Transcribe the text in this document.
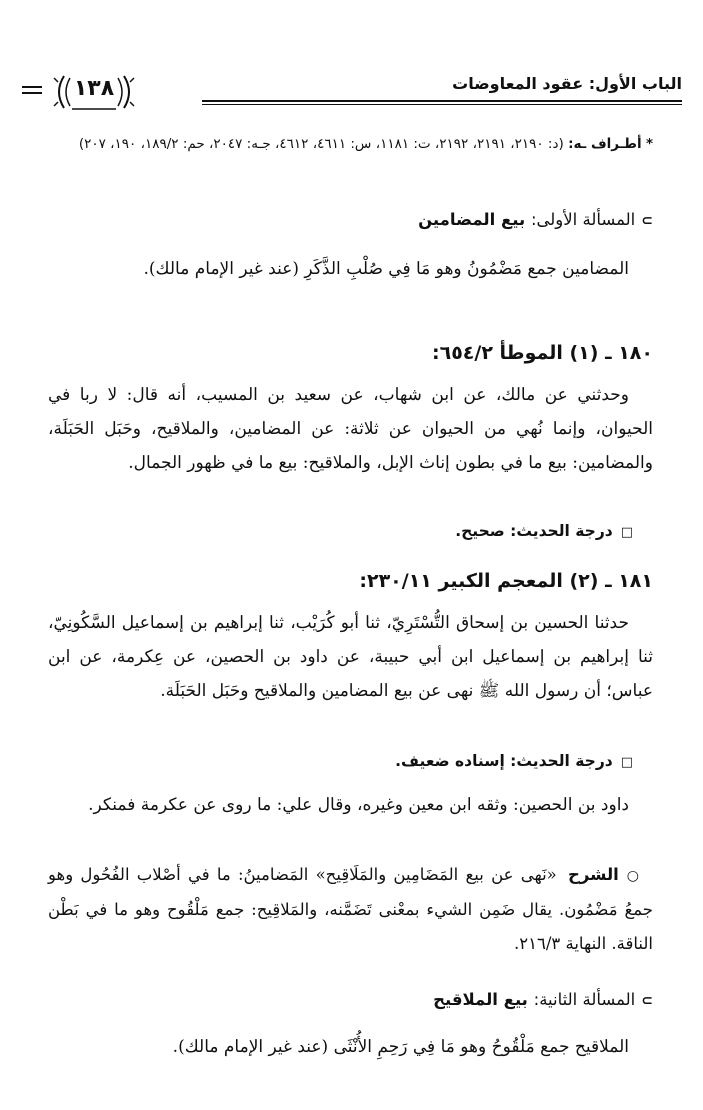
الباب الأول: عقود المعاوضات
١٣٨
* أطـراف ـه: (د: ٢١٩٠، ٢١٩١، ٢١٩٢، ت: ١١٨١، س: ٤٦١١، ٤٦١٢، جـه: ٢٠٤٧، حم: ١٨٩/٢، ١٩٠، ٢٠٧)
⊃المسألة الأولى: بيع المضامين
المضامين جمع مَضْمُونُ وهو مَا فِي صُلْبِ الذَّكَرِ (عند غير الإمام مالك).
١٨٠ ـ (١) الموطأ ٦٥٤/٢:
وحدثني عن مالك، عن ابن شهاب، عن سعيد بن المسيب، أنه قال: لا ربا في الحيوان، وإنما نُهي من الحيوان عن ثلاثة: عن المضامين، والملاقيح، وحَبَل الحَبَلَة، والمضامين: بيع ما في بطون إناث الإبل، والملاقيح: بيع ما في ظهور الجمال.
□درجة الحديث: صحيح.
١٨١ ـ (٢) المعجم الكبير ٢٣٠/١١:
حدثنا الحسين بن إسحاق التُّسْتَرِيّ، ثنا أبو كُرَيْب، ثنا إبراهيم بن إسماعيل السَّكُونِيّ، ثنا إبراهيم بن إسماعيل ابن أبي حبيبة، عن داود بن الحصين، عن عِكرمة، عن ابن عباس؛ أن رسول الله ﷺ نهى عن بيع المضامين والملاقيح وحَبَل الحَبَلَة.
□درجة الحديث: إسناده ضعيف.
داود بن الحصين: وثقه ابن معين وغيره، وقال علي: ما روى عن عكرمة فمنكر.
○الشرح «نَهى عن بيع المَضَامِين والمَلَاقِيح» المَضامينُ: ما في أصْلاب الفُحُول وهو جمعُ مَضْمُون. يقال ضَمِن الشيء بمعْنى تَضَمَّنه، والمَلاقِيح: جمع مَلْقُوح وهو ما في بَطْن الناقة. النهاية ٢١٦/٣.
⊃المسألة الثانية: بيع الملاقيح
الملاقيح جمع مَلْقُوحُ وهو مَا فِي رَحِمِ الأُنْثَى (عند غير الإمام مالك).
